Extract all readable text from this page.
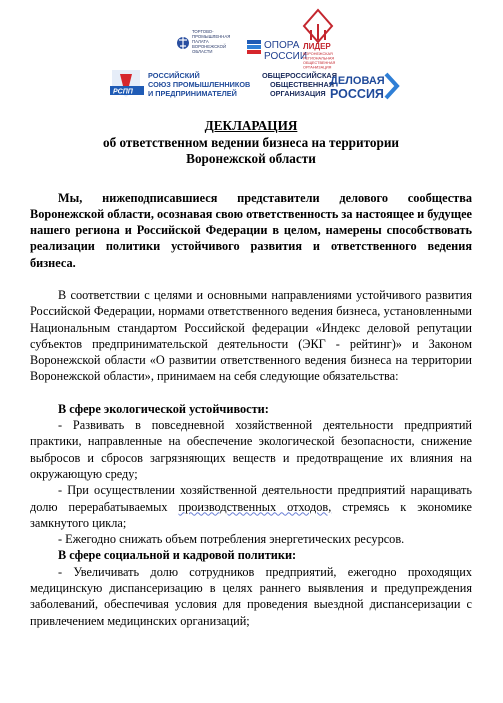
ТОРГОВО-
ПРОМЫШЛЕННАЯ
ПАЛАТА
ВОРОНЕЖСКОЙ
ОБЛАСТИ
ОПОРА
РОССИИ
ЛИДЕР
ВОРОНЕЖСКАЯ
РЕГИОНАЛЬНАЯ
ОБЩЕСТВЕННАЯ
ОРГАНИЗАЦИЯ
РСПП
РОССИЙСКИЙ
СОЮЗ ПРОМЫШЛЕННИКОВ
И ПРЕДПРИНИМАТЕЛЕЙ
ОБЩЕРОССИЙСКАЯ
ОБЩЕСТВЕННАЯ
ОРГАНИЗАЦИЯ
ДЕЛОВАЯ
РОССИЯ
ДЕКЛАРАЦИЯ
об ответственном ведении бизнеса на территории
Воронежской области
Мы, нижеподписавшиеся представители делового сообщества Воронежской области, осознавая свою ответственность за настоящее и будущее нашего региона и Российской Федерации в целом, намерены способствовать реализации политики устойчивого развития и ответственного ведения бизнеса.
В соответствии с целями и основными направлениями устойчивого развития Российской Федерации, нормами ответственного ведения бизнеса, установленными Национальным стандартом Российской федерации «Индекс деловой репутации субъектов предпринимательской деятельности (ЭКГ - рейтинг)» и Законом Воронежской области «О развитии ответственного ведения бизнеса на территории Воронежской области», принимаем на себя следующие обязательства:
В сфере экологической устойчивости:
- Развивать в повседневной хозяйственной деятельности предприятий практики, направленные на обеспечение экологической безопасности, снижение выбросов и сбросов загрязняющих веществ и предотвращение их влияния на окружающую среду;
- При осуществлении хозяйственной деятельности предприятий наращивать долю перерабатываемых производственных отходов, стремясь к экономике замкнутого цикла;
- Ежегодно снижать объем потребления энергетических ресурсов.
В сфере социальной и кадровой политики:
- Увеличивать долю сотрудников предприятий, ежегодно проходящих медицинскую диспансеризацию в целях раннего выявления и предупреждения заболеваний, обеспечивая условия для проведения выездной диспансеризации с привлечением медицинских организаций;
